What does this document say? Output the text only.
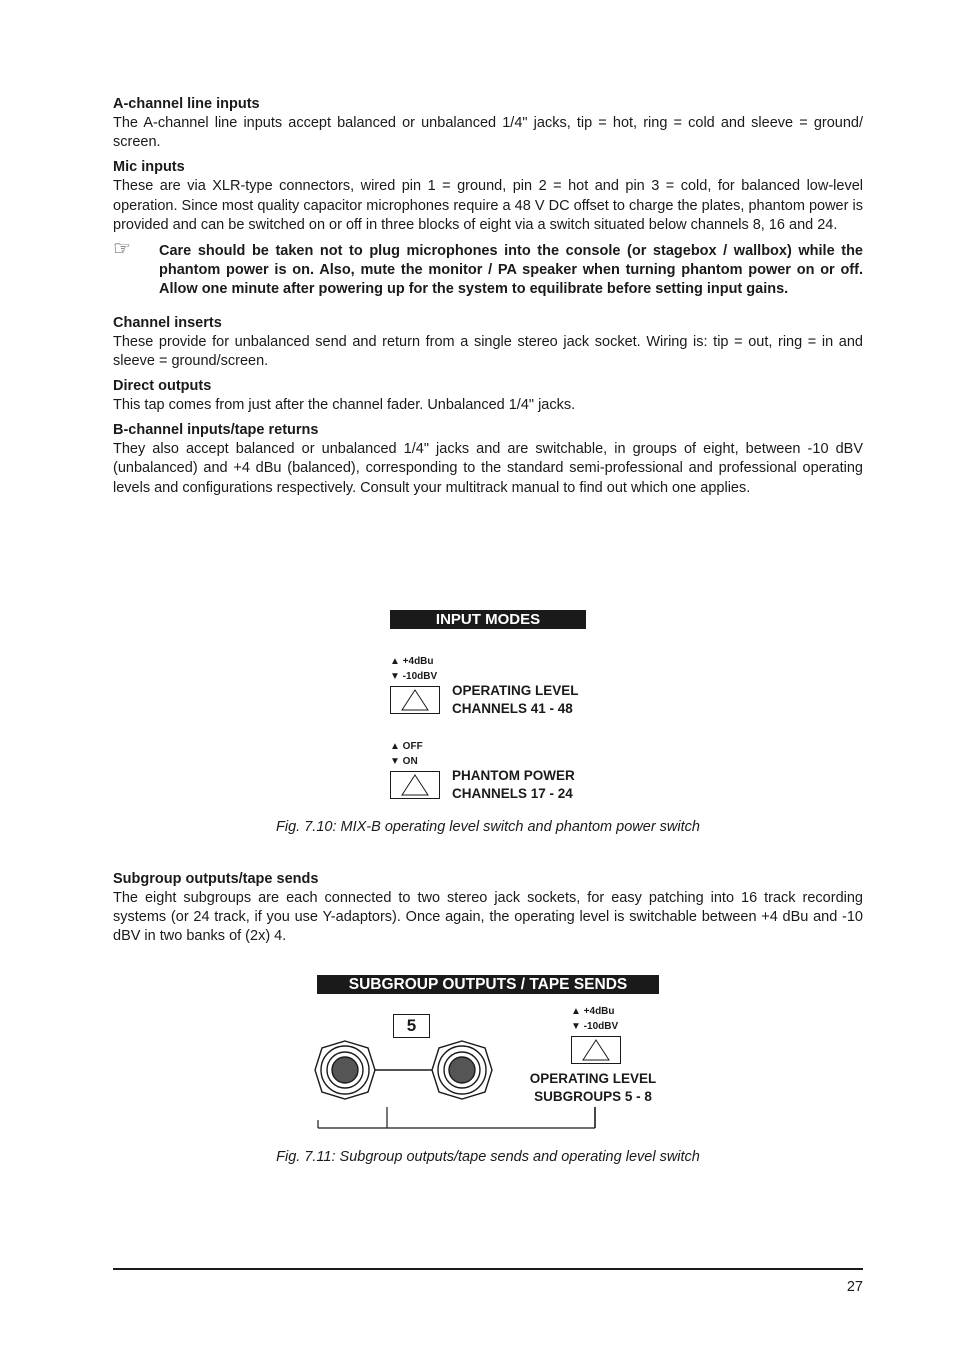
A-channel line inputs

The A-channel line inputs accept balanced or unbalanced 1/4" jacks, tip = hot, ring = cold and sleeve = ground/ screen.

Mic inputs

These are via XLR-type connectors, wired pin 1 = ground, pin 2 = hot and pin 3 = cold, for balanced low-level operation. Since most quality capacitor microphones require a 48 V DC offset to charge the plates, phantom power is provided and can be switched on or off in three blocks of eight via a switch situated below channels 8, 16 and 24.

☞ Care should be taken not to plug microphones into the console (or stagebox / wallbox) while the phantom power is on. Also, mute the monitor / PA speaker when turning phantom power on or off. Allow one minute after powering up for the system to equilibrate before setting input gains.

Channel inserts

These provide for unbalanced send and return from a single stereo jack socket. Wiring is: tip = out, ring = in and sleeve = ground/screen.

Direct outputs

This tap comes from just after the channel fader. Unbalanced 1/4" jacks.

B-channel inputs/tape returns

They also accept balanced or unbalanced 1/4" jacks and are switchable, in groups of eight, between -10 dBV (unbalanced) and +4 dBu (balanced), corresponding to the standard semi-professional and professional operating levels and configurations respectively. Consult your multitrack manual to find out which one applies.

INPUT MODES
▲ +4dBu
▼ -10dBV
OPERATING LEVEL
CHANNELS 41 - 48
▲ OFF
▼ ON
PHANTOM POWER
CHANNELS 17 - 24
Fig. 7.10: MIX-B operating level switch and phantom power switch

Subgroup outputs/tape sends

The eight subgroups are each connected to two stereo jack sockets, for easy patching into 16 track recording systems (or 24 track, if you use Y-adaptors). Once again, the operating level is switchable between +4 dBu and -10 dBV in two banks of (2x) 4.

SUBGROUP OUTPUTS / TAPE SENDS
5
▲ +4dBu
▼ -10dBV
OPERATING LEVEL
SUBGROUPS 5 - 8
Fig. 7.11: Subgroup outputs/tape sends and operating level switch
27
